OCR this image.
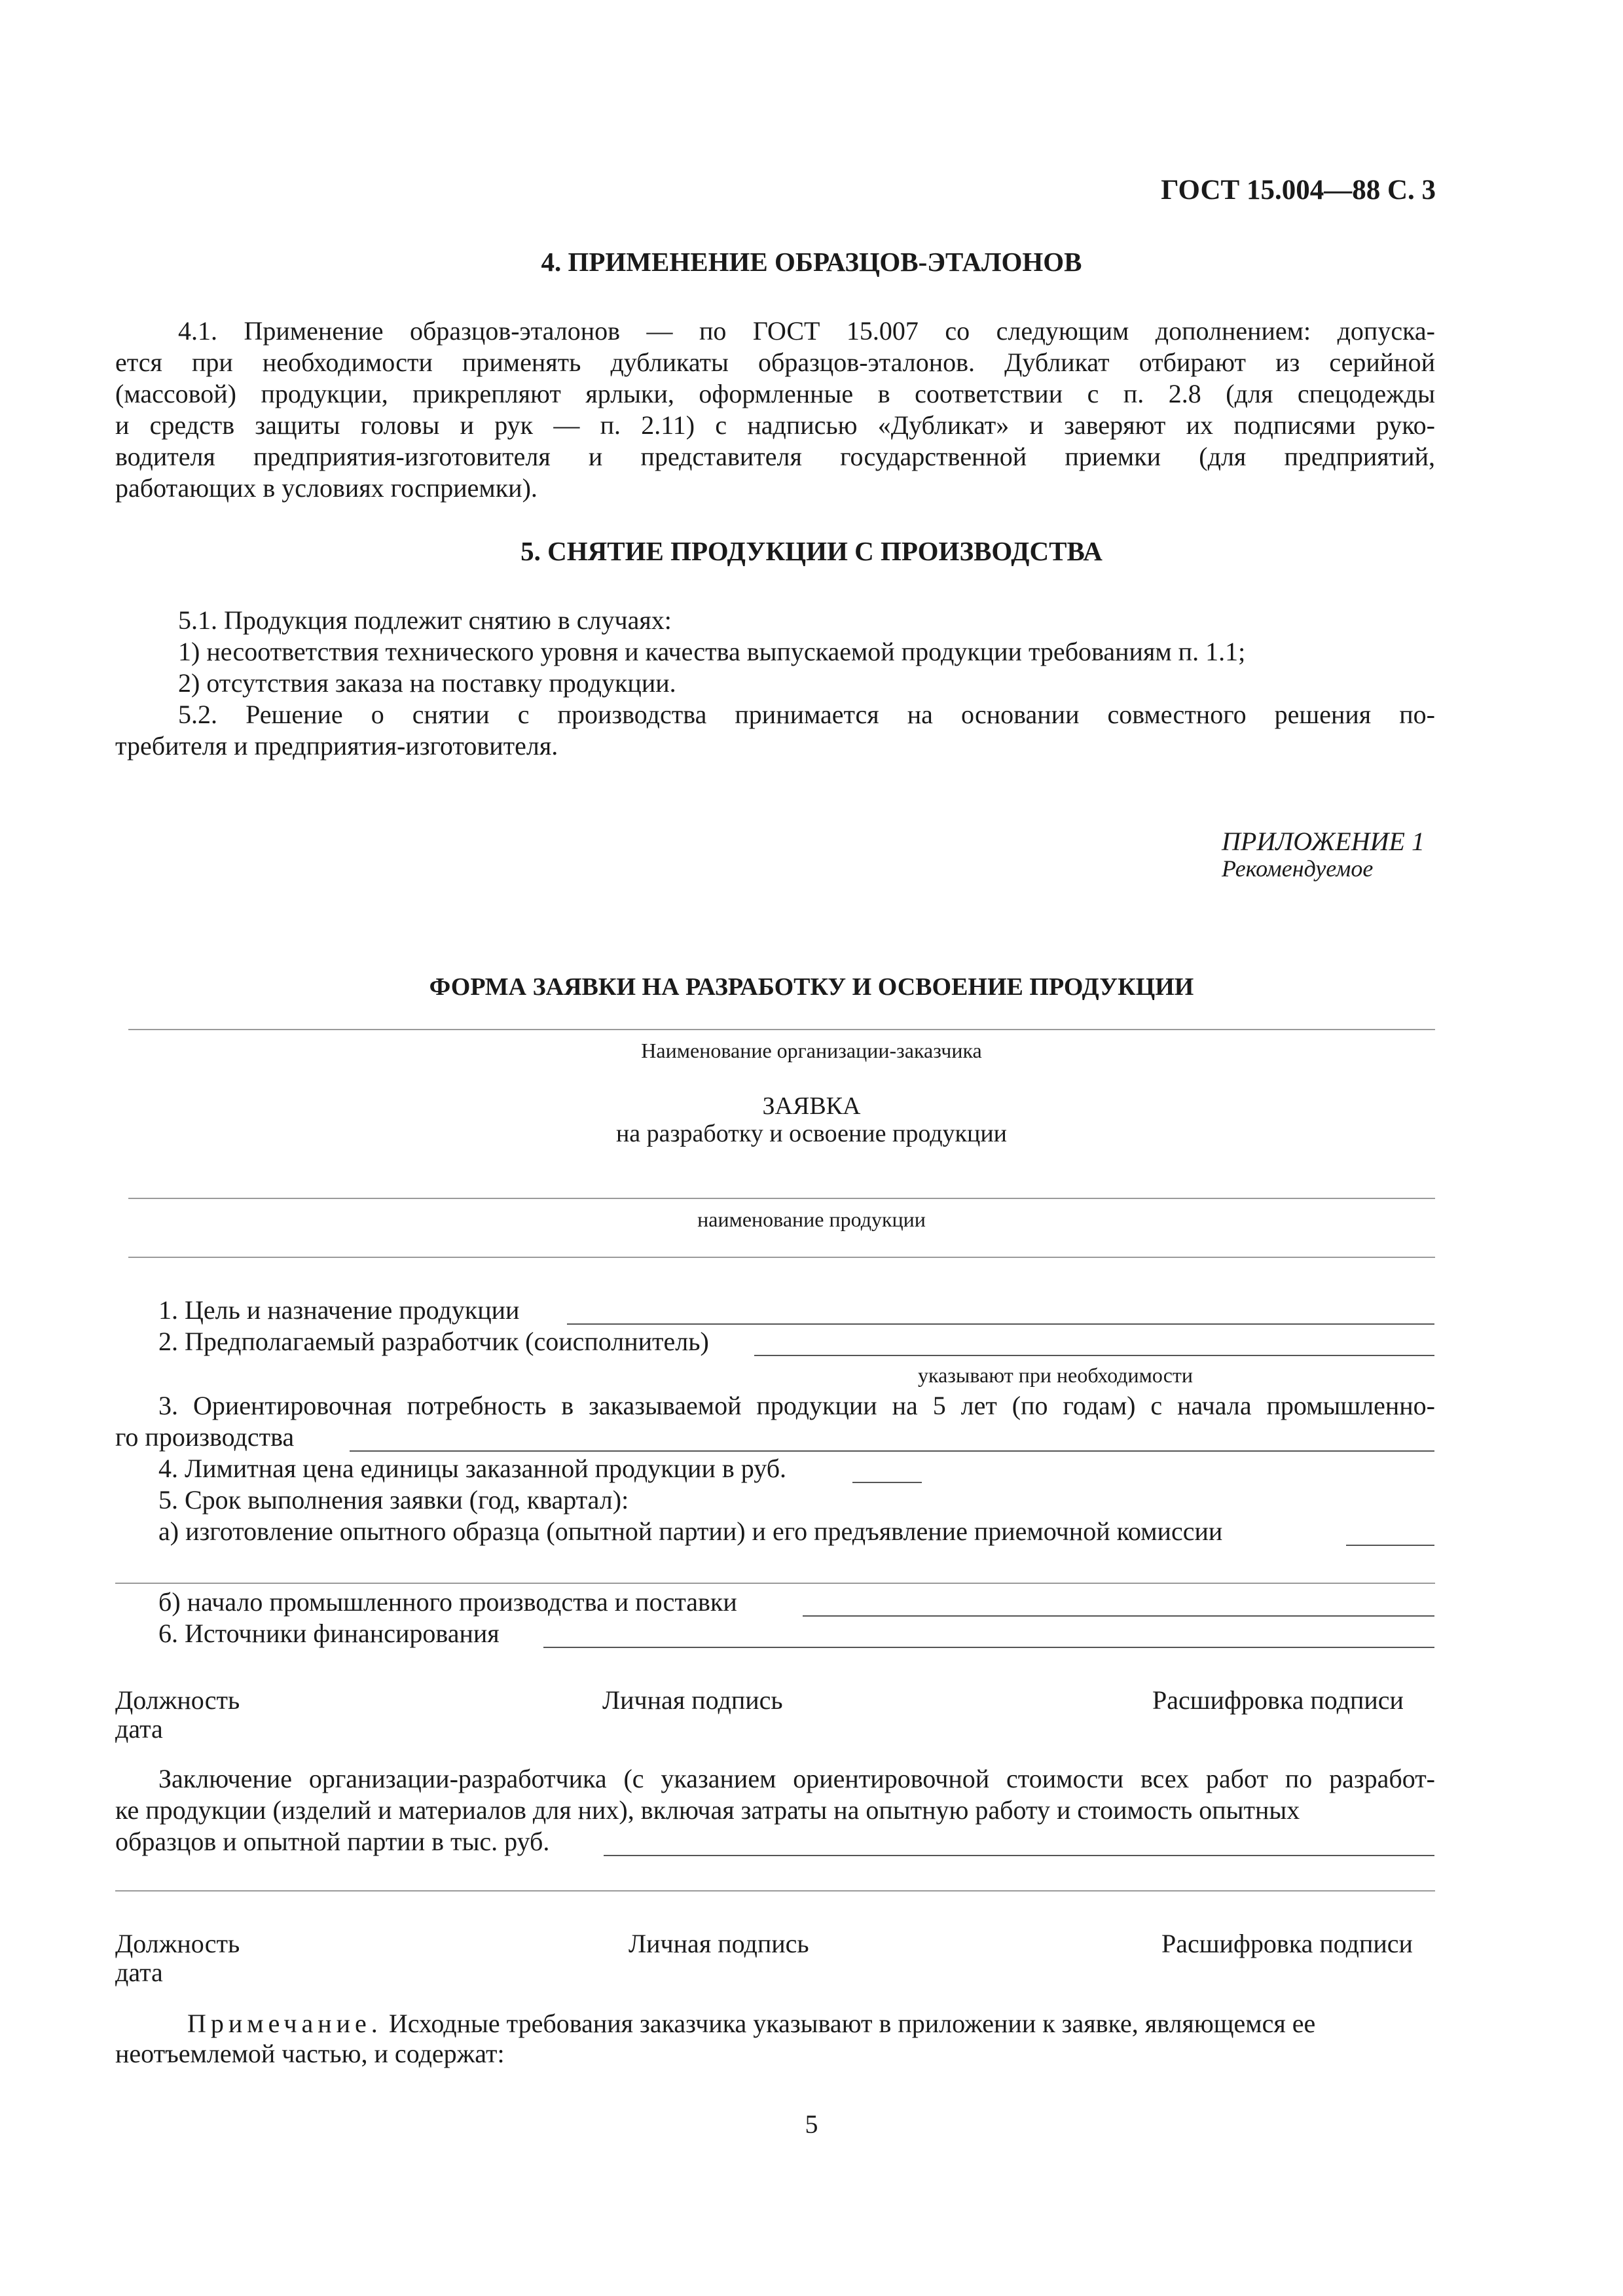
ГОСТ 15.004—88 С. 3
4. ПРИМЕНЕНИЕ ОБРАЗЦОВ-ЭТАЛОНОВ
4.1. Применение образцов-эталонов — по ГОСТ 15.007 со следующим дополнением: допуска-
ется при необходимости применять дубликаты образцов-эталонов. Дубликат отбирают из серийной
(массовой) продукции, прикрепляют ярлыки, оформленные в соответствии с п. 2.8 (для спецодежды
и средств защиты головы и рук — п. 2.11) с надписью «Дубликат» и заверяют их подписями руко-
водителя предприятия-изготовителя и представителя государственной приемки (для предприятий,
работающих в условиях госприемки).
5. СНЯТИЕ ПРОДУКЦИИ С ПРОИЗВОДСТВА
5.1. Продукция подлежит снятию в случаях:
1) несоответствия технического уровня и качества выпускаемой продукции требованиям п. 1.1;
2) отсутствия заказа на поставку продукции.
5.2. Решение о снятии с производства принимается на основании совместного решения по-
требителя и предприятия-изготовителя.
ПРИЛОЖЕНИЕ 1
Рекомендуемое
ФОРМА ЗАЯВКИ НА РАЗРАБОТКУ И ОСВОЕНИЕ ПРОДУКЦИИ
Наименование организации-заказчика
ЗАЯВКА
на разработку и освоение продукции
наименование продукции
1. Цель и назначение продукции
2. Предполагаемый разработчик (соисполнитель)
указывают при необходимости
3. Ориентировочная потребность в заказываемой продукции на 5 лет (по годам) с начала промышленно-
го производства
4. Лимитная цена единицы заказанной продукции в руб.
5. Срок выполнения заявки (год, квартал):
а) изготовление опытного образца (опытной партии) и его предъявление приемочной комиссии
б) начало промышленного производства и поставки
6. Источники финансирования
Должность	Личная подпись	Расшифровка подписи
дата
Заключение организации-разработчика (с указанием ориентировочной стоимости всех работ по разработ-
ке продукции (изделий и материалов для них), включая затраты на опытную работу и стоимость опытных
образцов и опытной партии в тыс. руб.
Должность	Личная подпись	Расшифровка подписи
дата
Примечание. Исходные требования заказчика указывают в приложении к заявке, являющемся ее
неотъемлемой частью, и содержат:
5
